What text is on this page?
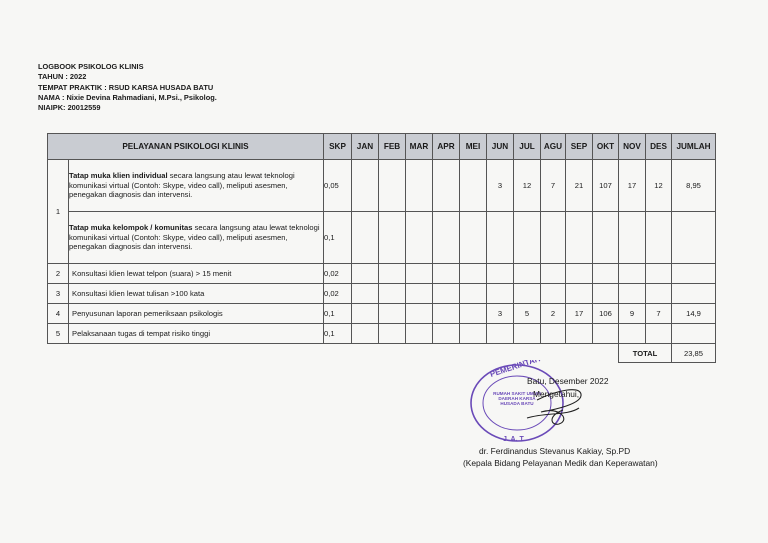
LOGBOOK PSIKOLOG KLINIS
TAHUN : 2022
TEMPAT PRAKTIK : RSUD KARSA HUSADA BATU
NAMA : Nixie Devina Rahmadiani, M.Psi., Psikolog.
NIAIPK: 20012559
PELAYANAN PSIKOLOGI KLINIS		SKP	JAN	FEB	MAR	APR	MEI	JUN	JUL	AGU	SEP	OKT	NOV	DES	JUMLAH
1	Tatap muka klien individual secara langsung atau lewat teknologi komunikasi virtual (Contoh: Skype, video call), meliputi asesmen, penegakan diagnosis dan intervensi.	0,05						3	12	7	21	107	17	12	8,95
	Tatap muka kelompok / komunitas secara langsung atau lewat teknologi komunikasi virtual (Contoh: Skype, video call), meliputi asesmen, penegakan diagnosis dan intervensi.	0,1													
2	Konsultasi klien lewat telpon (suara) > 15 menit	0,02													
3	Konsultasi klien lewat tulisan >100 kata	0,02													
4	Penyusunan laporan pemeriksaan psikologis	0,1						3	5	2	17	106	9	7	14,9
5	Pelaksanaan tugas di tempat risiko tinggi	0,1													
													TOTAL		23,85
PEMERINTAH
J. A. T.
RUMAH SAKIT UMUM DAERAH KARSA HUSADA BATU
Batu, Desember 2022
Mengetahui,
dr. Ferdinandus Stevanus Kakiay, Sp.PD
(Kepala Bidang Pelayanan Medik dan Keperawatan)
